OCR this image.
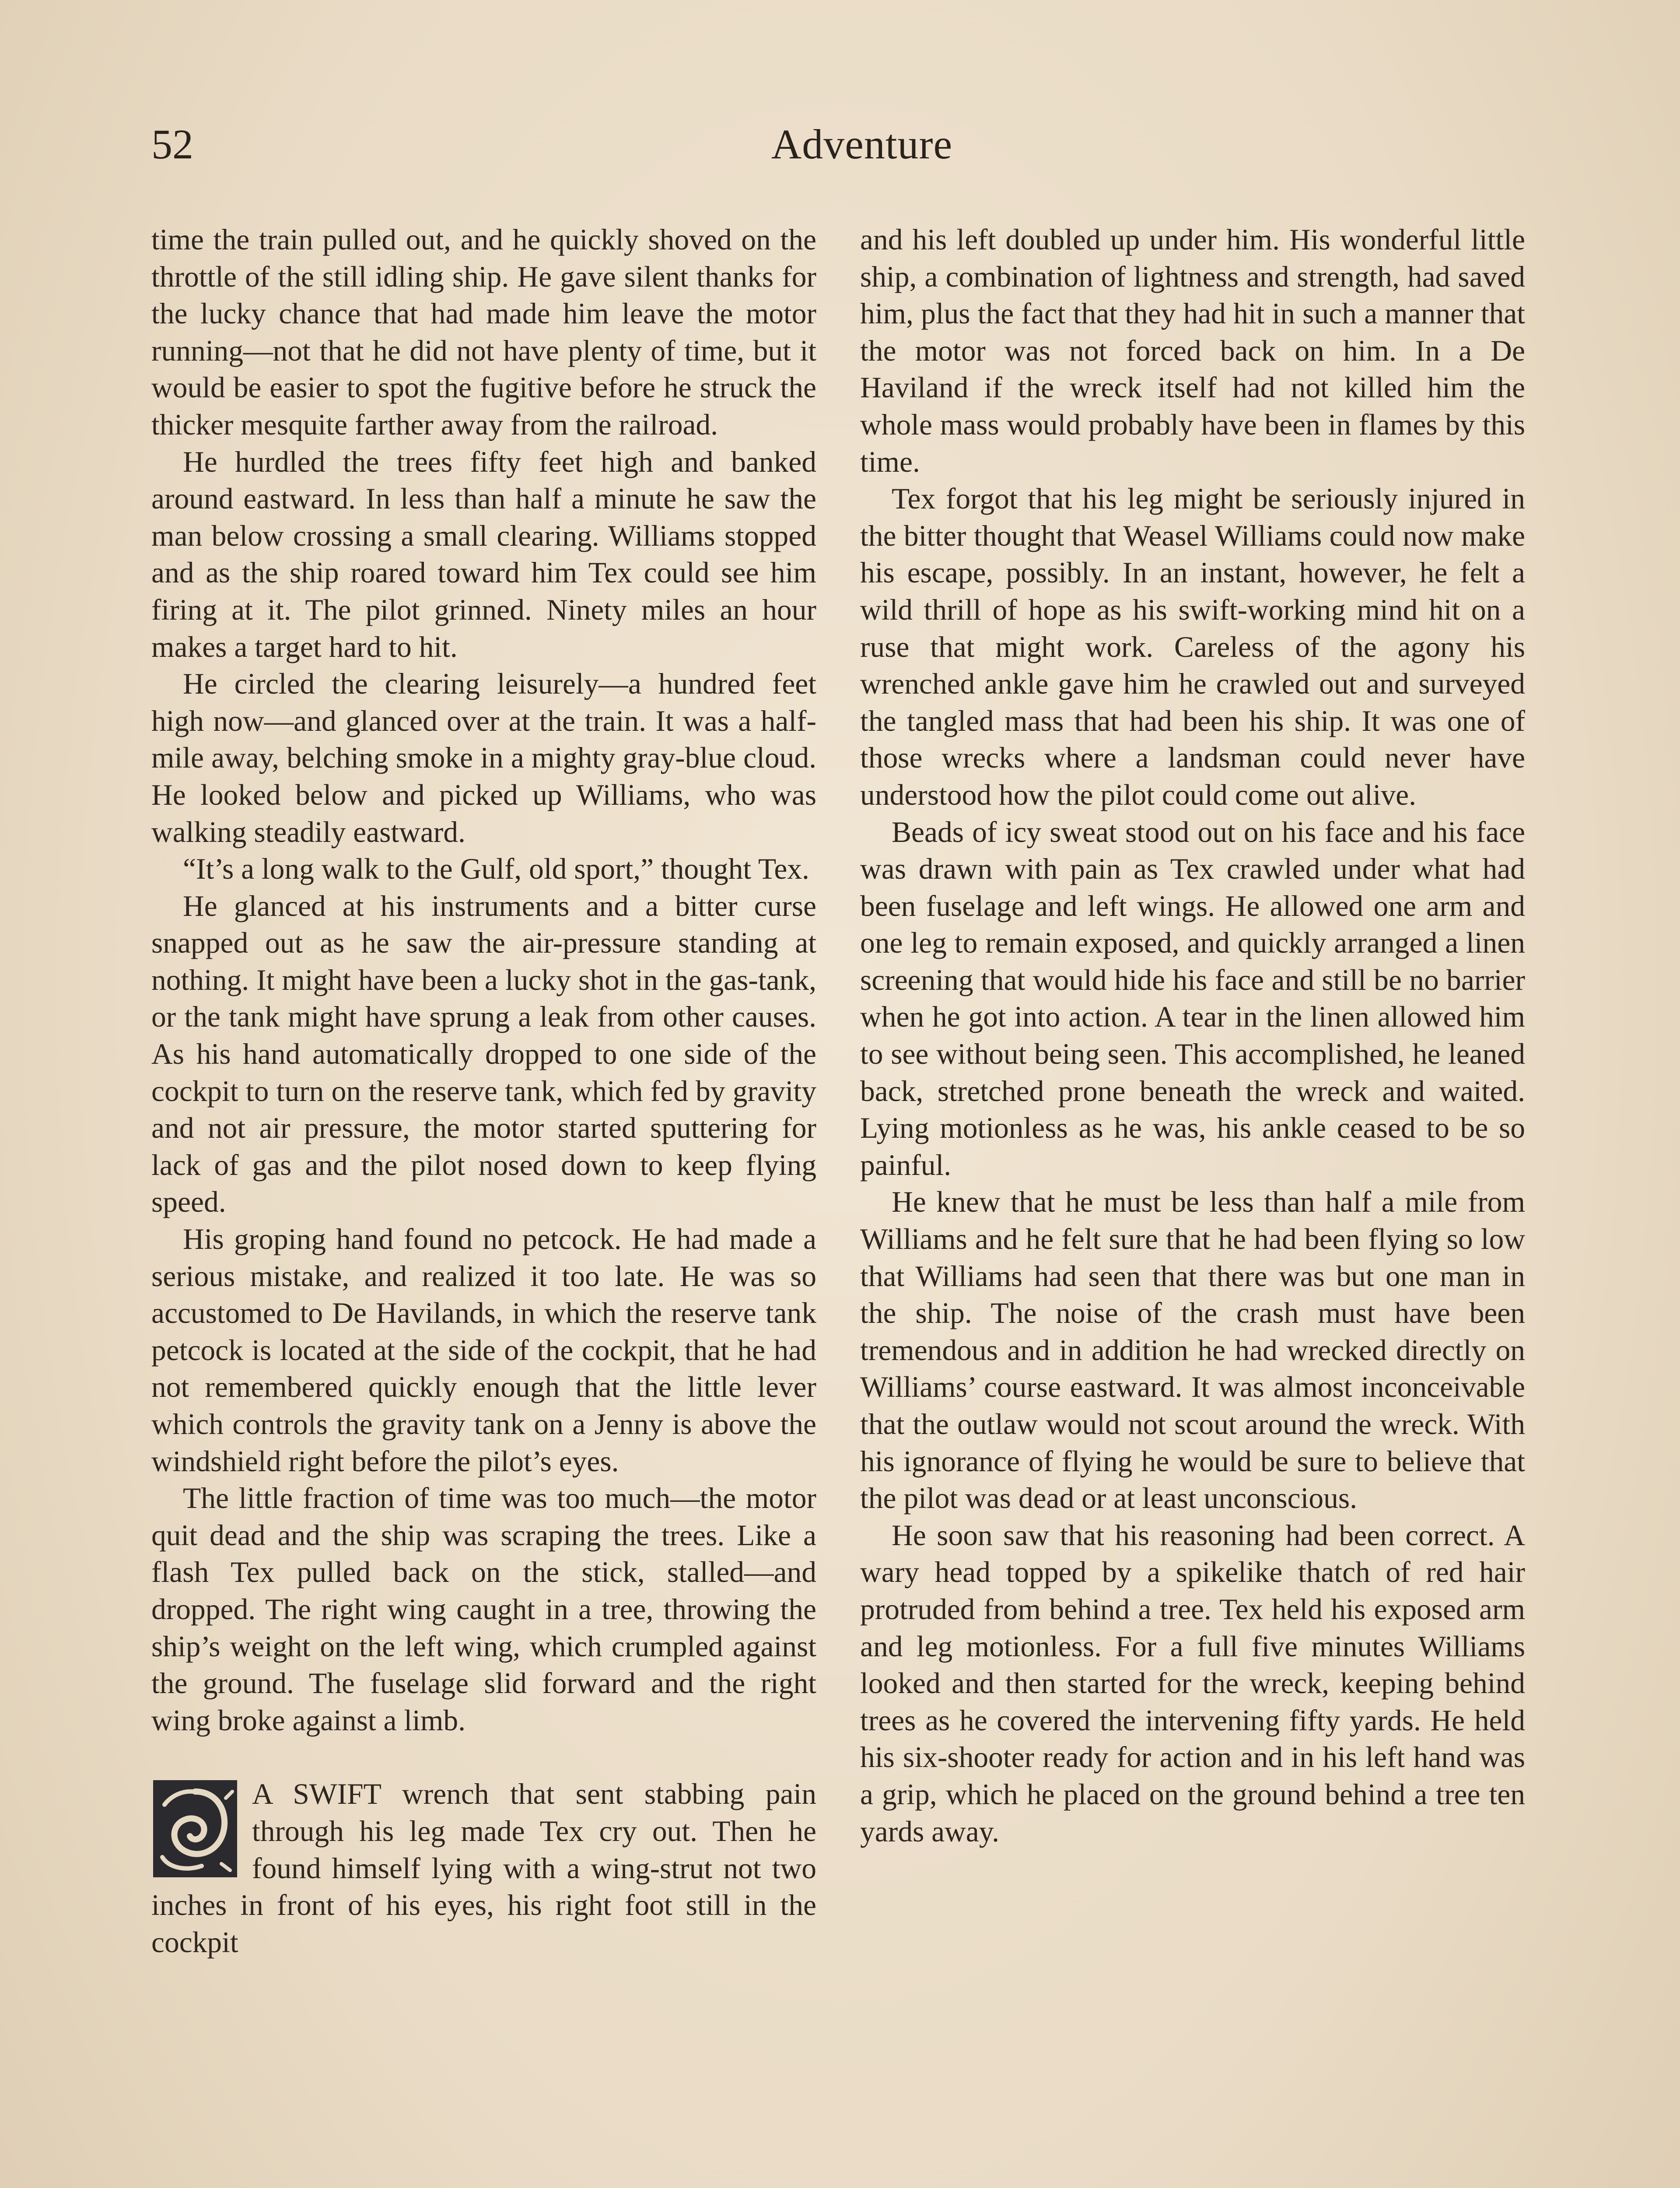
52	Adventure

time the train pulled out, and he quickly shoved on the throttle of the still idling ship. He gave silent thanks for the lucky chance that had made him leave the motor running—not that he did not have plenty of time, but it would be easier to spot the fugitive before he struck the thicker mesquite farther away from the railroad.

He hurdled the trees fifty feet high and banked around eastward. In less than half a minute he saw the man below crossing a small clearing. Williams stopped and as the ship roared toward him Tex could see him firing at it. The pilot grinned. Ninety miles an hour makes a target hard to hit.

He circled the clearing leisurely—a hundred feet high now—and glanced over at the train. It was a half-mile away, belching smoke in a mighty gray-blue cloud. He looked below and picked up Williams, who was walking steadily eastward.

“It’s a long walk to the Gulf, old sport,” thought Tex.

He glanced at his instruments and a bitter curse snapped out as he saw the air-pressure standing at nothing. It might have been a lucky shot in the gas-tank, or the tank might have sprung a leak from other causes. As his hand automatically dropped to one side of the cockpit to turn on the reserve tank, which fed by gravity and not air pressure, the motor started sputtering for lack of gas and the pilot nosed down to keep flying speed.

His groping hand found no petcock. He had made a serious mistake, and realized it too late. He was so accustomed to De Havilands, in which the reserve tank petcock is located at the side of the cockpit, that he had not remembered quickly enough that the little lever which controls the gravity tank on a Jenny is above the windshield right before the pilot’s eyes.

The little fraction of time was too much—the motor quit dead and the ship was scraping the trees. Like a flash Tex pulled back on the stick, stalled—and dropped. The right wing caught in a tree, throwing the ship’s weight on the left wing, which crumpled against the ground. The fuselage slid forward and the right wing broke against a limb.

A SWIFT wrench that sent stabbing pain through his leg made Tex cry out. Then he found himself lying with a wing-strut not two inches in front of his eyes, his right foot still in the cockpit

and his left doubled up under him. His wonderful little ship, a combination of lightness and strength, had saved him, plus the fact that they had hit in such a manner that the motor was not forced back on him. In a De Haviland if the wreck itself had not killed him the whole mass would probably have been in flames by this time.

Tex forgot that his leg might be seriously injured in the bitter thought that Weasel Williams could now make his escape, possibly. In an instant, however, he felt a wild thrill of hope as his swift-working mind hit on a ruse that might work. Careless of the agony his wrenched ankle gave him he crawled out and surveyed the tangled mass that had been his ship. It was one of those wrecks where a landsman could never have understood how the pilot could come out alive.

Beads of icy sweat stood out on his face and his face was drawn with pain as Tex crawled under what had been fuselage and left wings. He allowed one arm and one leg to remain exposed, and quickly arranged a linen screening that would hide his face and still be no barrier when he got into action. A tear in the linen allowed him to see without being seen. This accomplished, he leaned back, stretched prone beneath the wreck and waited. Lying motionless as he was, his ankle ceased to be so painful.

He knew that he must be less than half a mile from Williams and he felt sure that he had been flying so low that Williams had seen that there was but one man in the ship. The noise of the crash must have been tremendous and in addition he had wrecked directly on Williams’ course eastward. It was almost inconceivable that the outlaw would not scout around the wreck. With his ignorance of flying he would be sure to believe that the pilot was dead or at least unconscious.

He soon saw that his reasoning had been correct. A wary head topped by a spikelike thatch of red hair protruded from behind a tree. Tex held his exposed arm and leg motionless. For a full five minutes Williams looked and then started for the wreck, keeping behind trees as he covered the intervening fifty yards. He held his six-shooter ready for action and in his left hand was a grip, which he placed on the ground behind a tree ten yards away.
